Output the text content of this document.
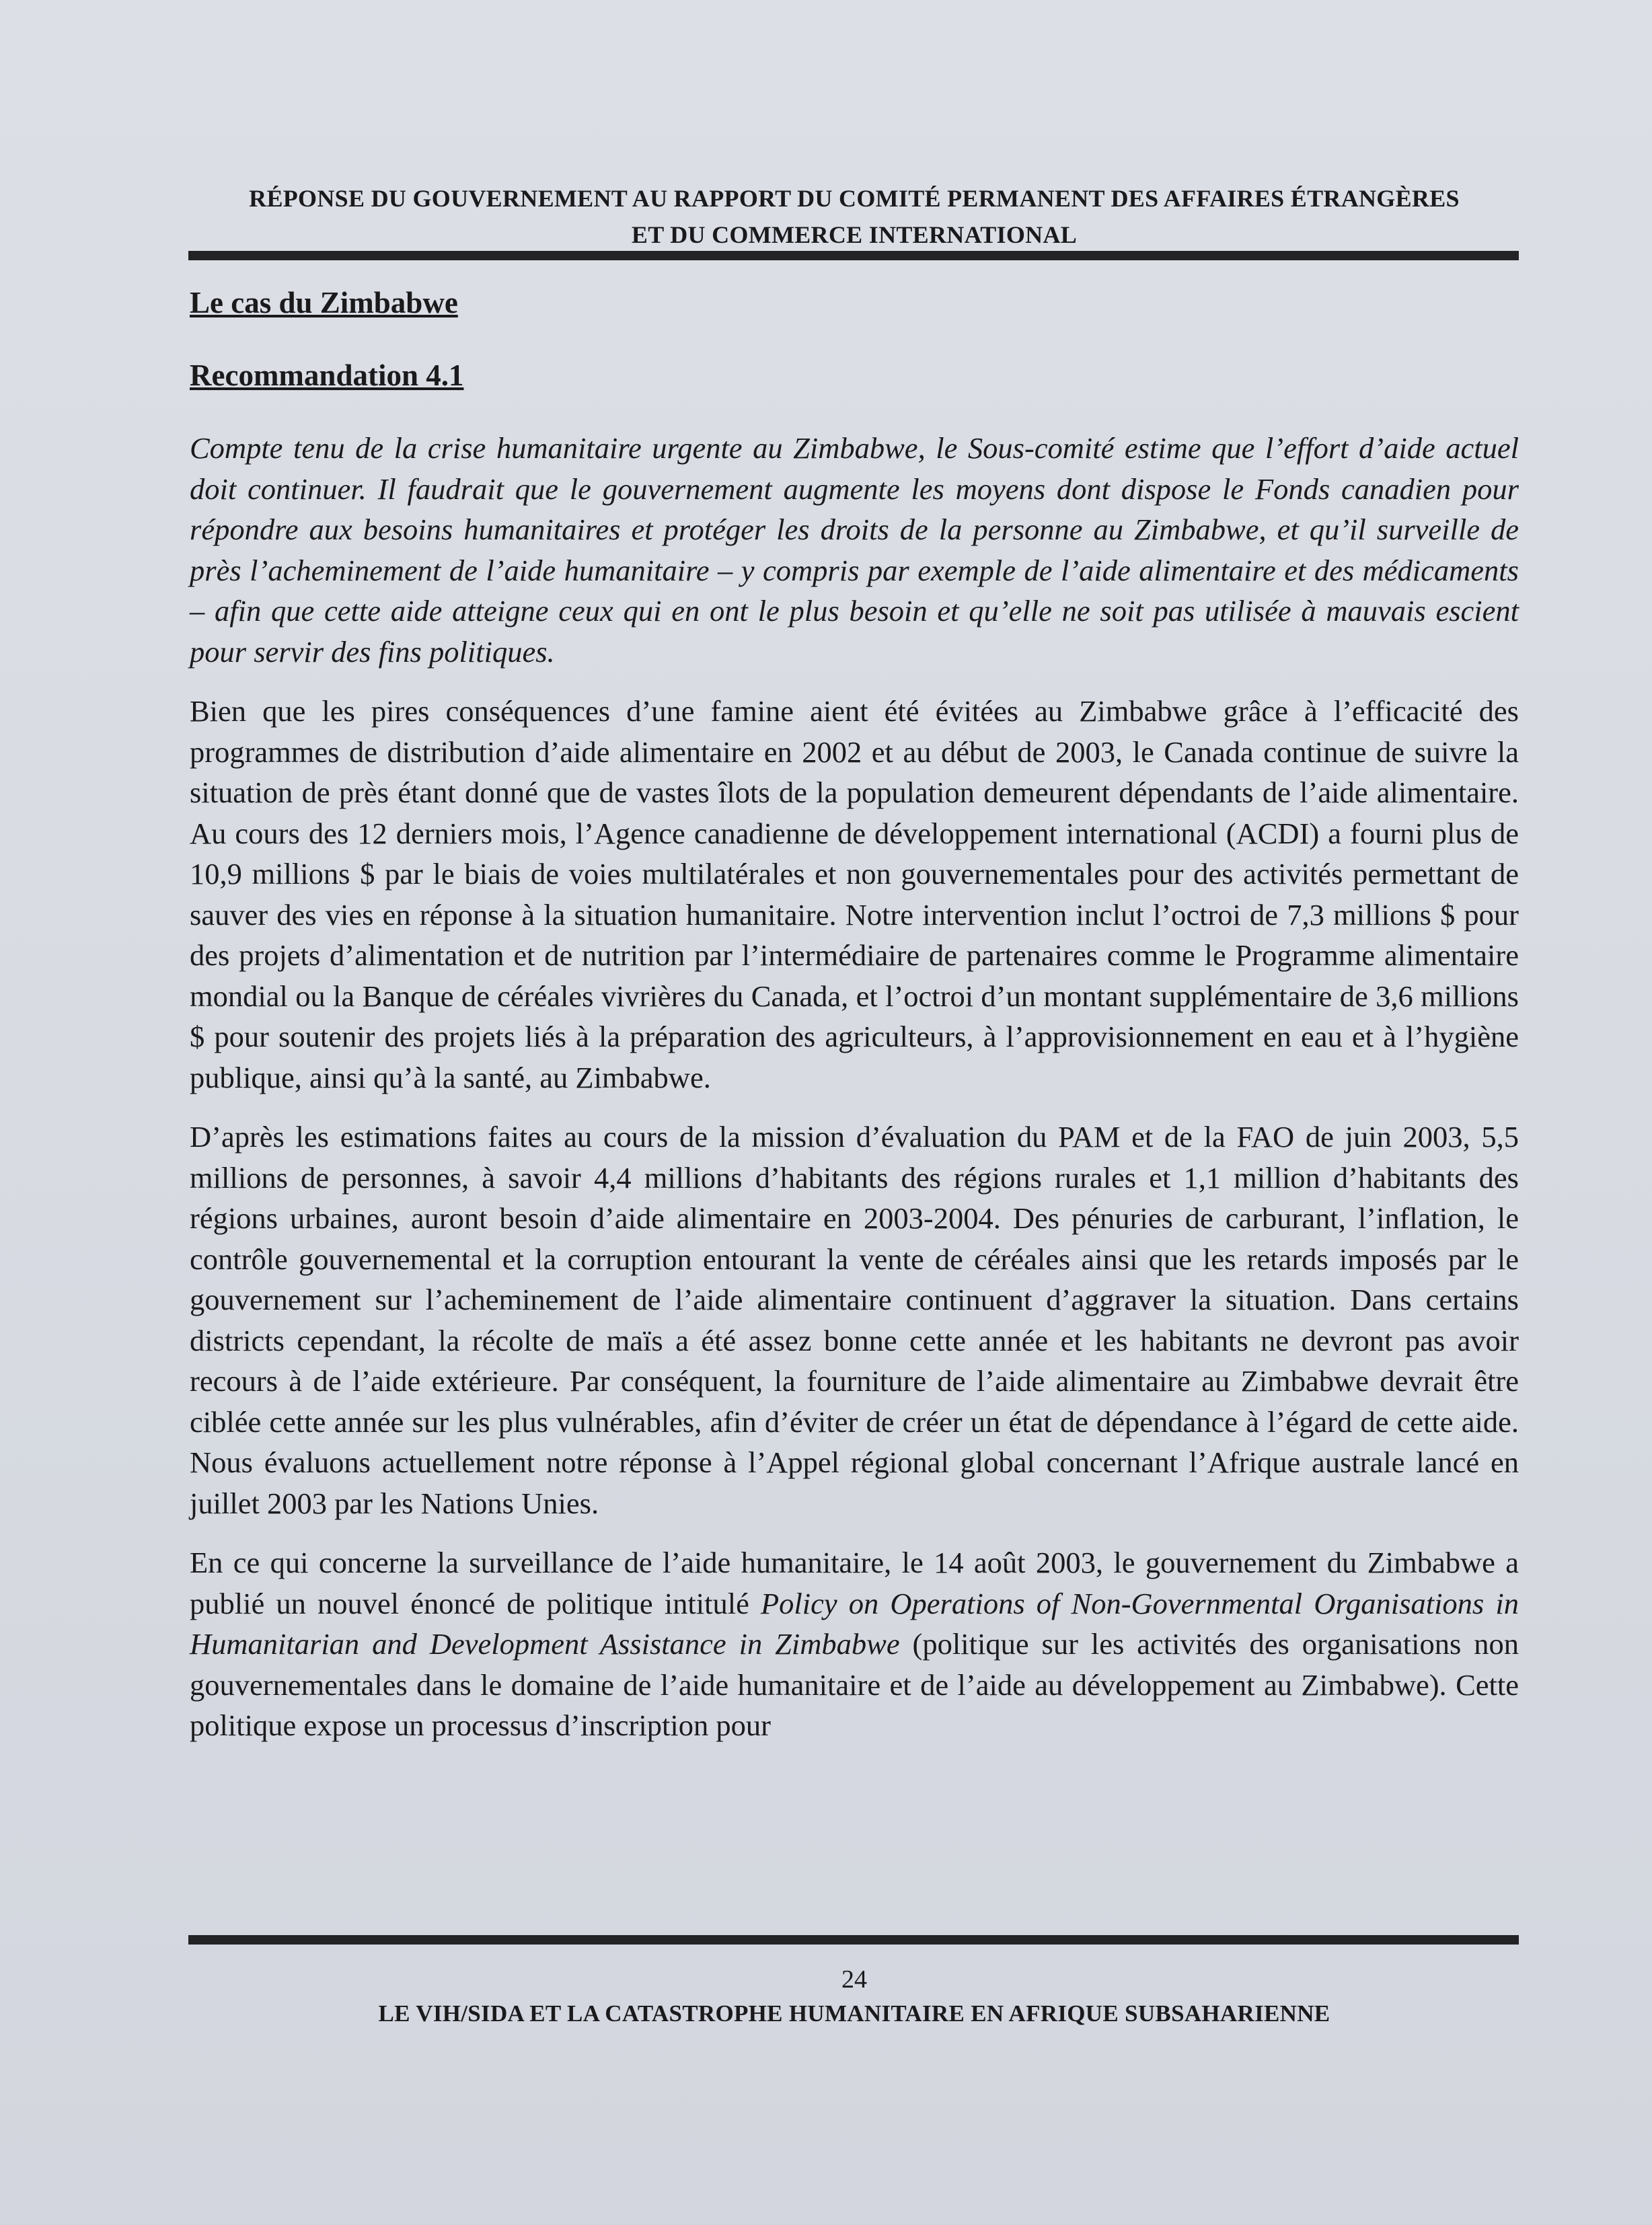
RÉPONSE DU GOUVERNEMENT AU RAPPORT DU COMITÉ PERMANENT DES AFFAIRES ÉTRANGÈRES
ET DU COMMERCE INTERNATIONAL
Le cas du Zimbabwe
Recommandation 4.1

Compte tenu de la crise humanitaire urgente au Zimbabwe, le Sous-comité estime que l’effort d’aide actuel doit continuer. Il faudrait que le gouvernement augmente les moyens dont dispose le Fonds canadien pour répondre aux besoins humanitaires et protéger les droits de la personne au Zimbabwe, et qu’il surveille de près l’acheminement de l’aide humanitaire – y compris par exemple de l’aide alimentaire et des médicaments – afin que cette aide atteigne ceux qui en ont le plus besoin et qu’elle ne soit pas utilisée à mauvais escient pour servir des fins politiques.

Bien que les pires conséquences d’une famine aient été évitées au Zimbabwe grâce à l’efficacité des programmes de distribution d’aide alimentaire en 2002 et au début de 2003, le Canada continue de suivre la situation de près étant donné que de vastes îlots de la population demeurent dépendants de l’aide alimentaire. Au cours des 12 derniers mois, l’Agence canadienne de développement international (ACDI) a fourni plus de 10,9 millions $ par le biais de voies multilatérales et non gouvernementales pour des activités permettant de sauver des vies en réponse à la situation humanitaire. Notre intervention inclut l’octroi de 7,3 millions $ pour des projets d’alimentation et de nutrition par l’intermédiaire de partenaires comme le Programme alimentaire mondial ou la Banque de céréales vivrières du Canada, et l’octroi d’un montant supplémentaire de 3,6 millions $ pour soutenir des projets liés à la préparation des agriculteurs, à l’approvisionnement en eau et à l’hygiène publique, ainsi qu’à la santé, au Zimbabwe.

D’après les estimations faites au cours de la mission d’évaluation du PAM et de la FAO de juin 2003, 5,5 millions de personnes, à savoir 4,4 millions d’habitants des régions rurales et 1,1 million d’habitants des régions urbaines, auront besoin d’aide alimentaire en 2003-2004. Des pénuries de carburant, l’inflation, le contrôle gouvernemental et la corruption entourant la vente de céréales ainsi que les retards imposés par le gouvernement sur l’acheminement de l’aide alimentaire continuent d’aggraver la situation. Dans certains districts cependant, la récolte de maïs a été assez bonne cette année et les habitants ne devront pas avoir recours à de l’aide extérieure. Par conséquent, la fourniture de l’aide alimentaire au Zimbabwe devrait être ciblée cette année sur les plus vulnérables, afin d’éviter de créer un état de dépendance à l’égard de cette aide. Nous évaluons actuellement notre réponse à l’Appel régional global concernant l’Afrique australe lancé en juillet 2003 par les Nations Unies.

En ce qui concerne la surveillance de l’aide humanitaire, le 14 août 2003, le gouvernement du Zimbabwe a publié un nouvel énoncé de politique intitulé Policy on Operations of Non-Governmental Organisations in Humanitarian and Development Assistance in Zimbabwe (politique sur les activités des organisations non gouvernementales dans le domaine de l’aide humanitaire et de l’aide au développement au Zimbabwe). Cette politique expose un processus d’inscription pour

24
LE VIH/SIDA ET LA CATASTROPHE HUMANITAIRE EN AFRIQUE SUBSAHARIENNE
